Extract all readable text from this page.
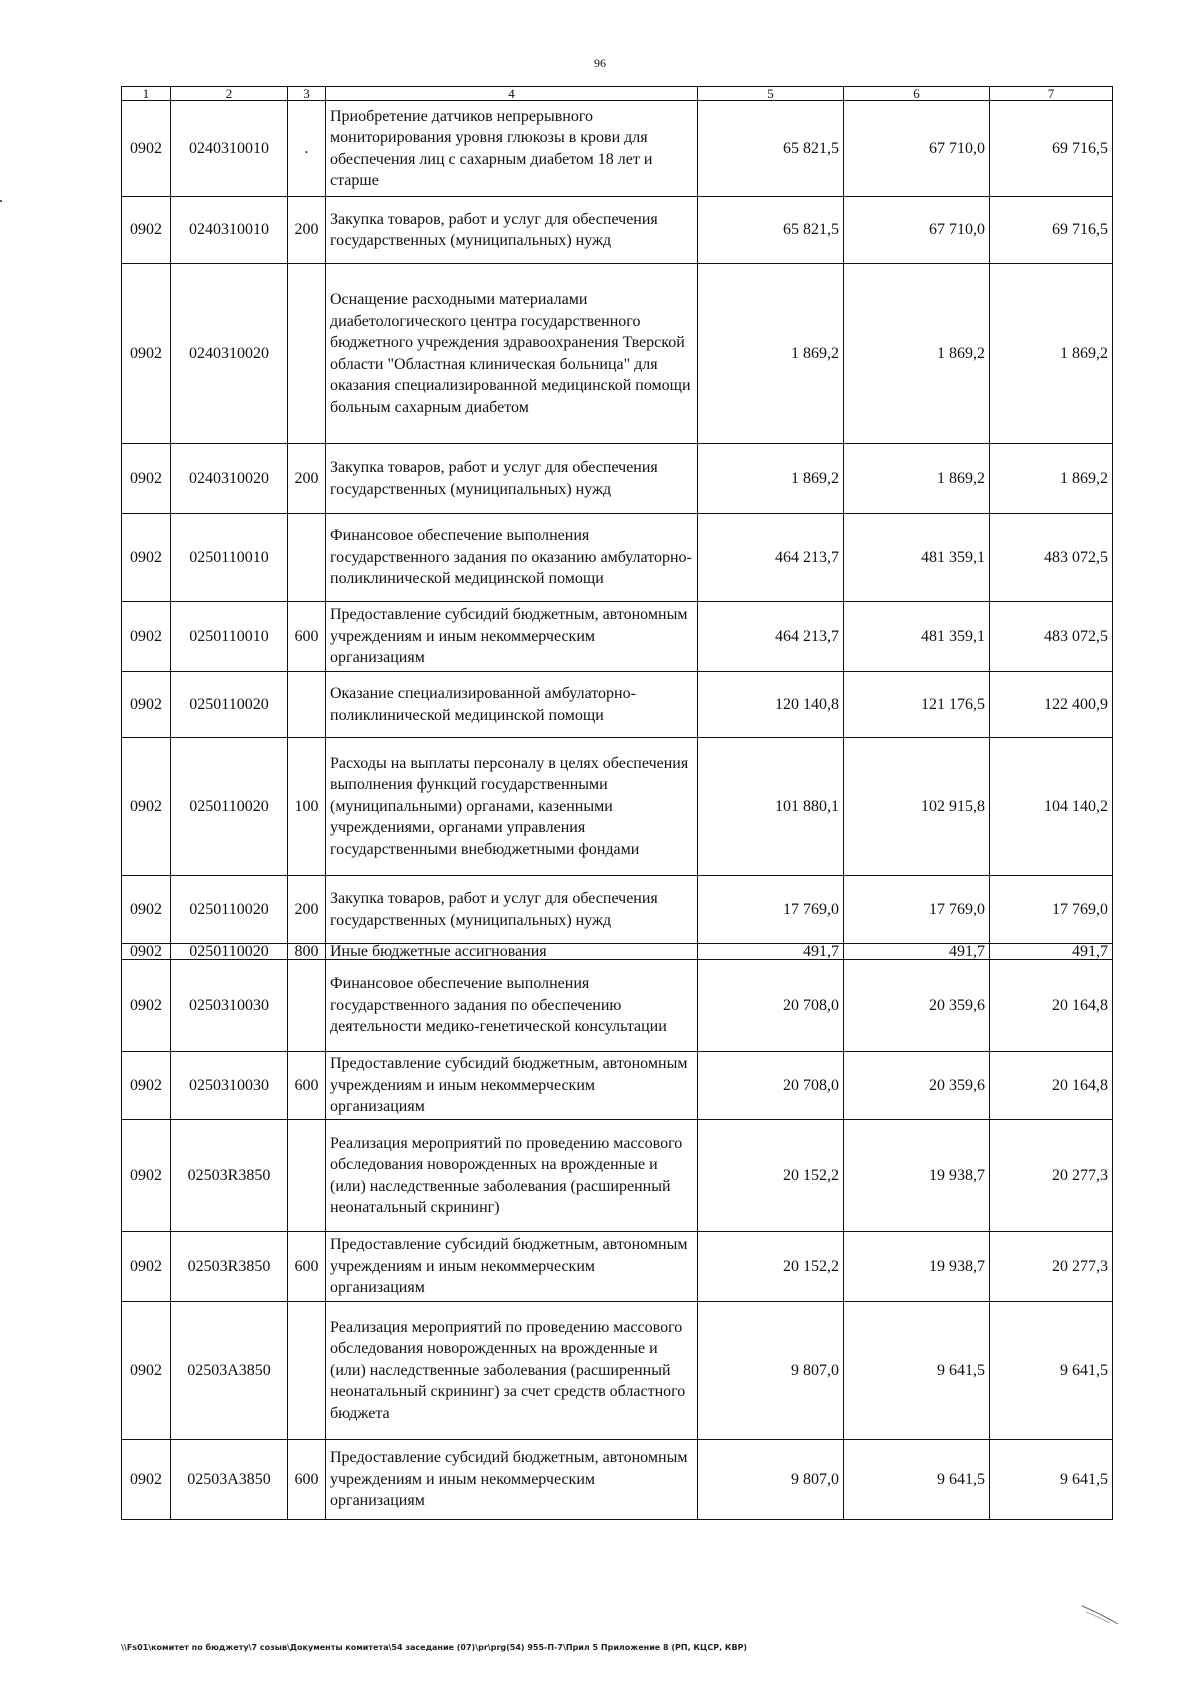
96
1	2	3	4	5	6	7
0902	0240310010	.	Приобретение датчиков непрерывного мониторирования уровня глюкозы в крови для обеспечения лиц с сахарным диабетом 18 лет и старше	65 821,5	67 710,0	69 716,5
0902	0240310010	200	Закупка товаров, работ и услуг для обеспечения государственных (муниципальных) нужд	65 821,5	67 710,0	69 716,5
0902	0240310020		Оснащение расходными материалами диабетологического центра государственного бюджетного учреждения здравоохранения Тверской области "Областная клиническая больница" для оказания специализированной медицинской помощи больным сахарным диабетом	1 869,2	1 869,2	1 869,2
0902	0240310020	200	Закупка товаров, работ и услуг для обеспечения государственных (муниципальных) нужд	1 869,2	1 869,2	1 869,2
0902	0250110010		Финансовое обеспечение выполнения государственного задания по оказанию амбулаторно-поликлинической медицинской помощи	464 213,7	481 359,1	483 072,5
0902	0250110010	600	Предоставление субсидий бюджетным, автономным учреждениям и иным некоммерческим организациям	464 213,7	481 359,1	483 072,5
0902	0250110020		Оказание специализированной амбулаторно-поликлинической медицинской помощи	120 140,8	121 176,5	122 400,9
0902	0250110020	100	Расходы на выплаты персоналу в целях обеспечения выполнения функций государственными (муниципальными) органами, казенными учреждениями, органами управления государственными внебюджетными фондами	101 880,1	102 915,8	104 140,2
0902	0250110020	200	Закупка товаров, работ и услуг для обеспечения государственных (муниципальных) нужд	17 769,0	17 769,0	17 769,0
0902	0250110020	800	Иные бюджетные ассигнования	491,7	491,7	491,7
0902	0250310030		Финансовое обеспечение выполнения государственного задания по обеспечению деятельности медико-генетической консультации	20 708,0	20 359,6	20 164,8
0902	0250310030	600	Предоставление субсидий бюджетным, автономным учреждениям и иным некоммерческим организациям	20 708,0	20 359,6	20 164,8
0902	02503R3850		Реализация мероприятий по проведению массового обследования новорожденных на врожденные и (или) наследственные заболевания (расширенный неонатальный скрининг)	20 152,2	19 938,7	20 277,3
0902	02503R3850	600	Предоставление субсидий бюджетным, автономным учреждениям и иным некоммерческим организациям	20 152,2	19 938,7	20 277,3
0902	02503A3850		Реализация мероприятий по проведению массового обследования новорожденных на врожденные и (или) наследственные заболевания (расширенный неонатальный скрининг) за счет средств областного бюджета	9 807,0	9 641,5	9 641,5
0902	02503A3850	600	Предоставление субсидий бюджетным, автономным учреждениям и иным некоммерческим организациям	9 807,0	9 641,5	9 641,5
\\Fs01\комитет по бюджету\7 созыв\Документы комитета\54 заседание (07)\pr\prg(54) 955-П-7\Прил 5 Приложение 8 (РП, КЦСР, КВР)
